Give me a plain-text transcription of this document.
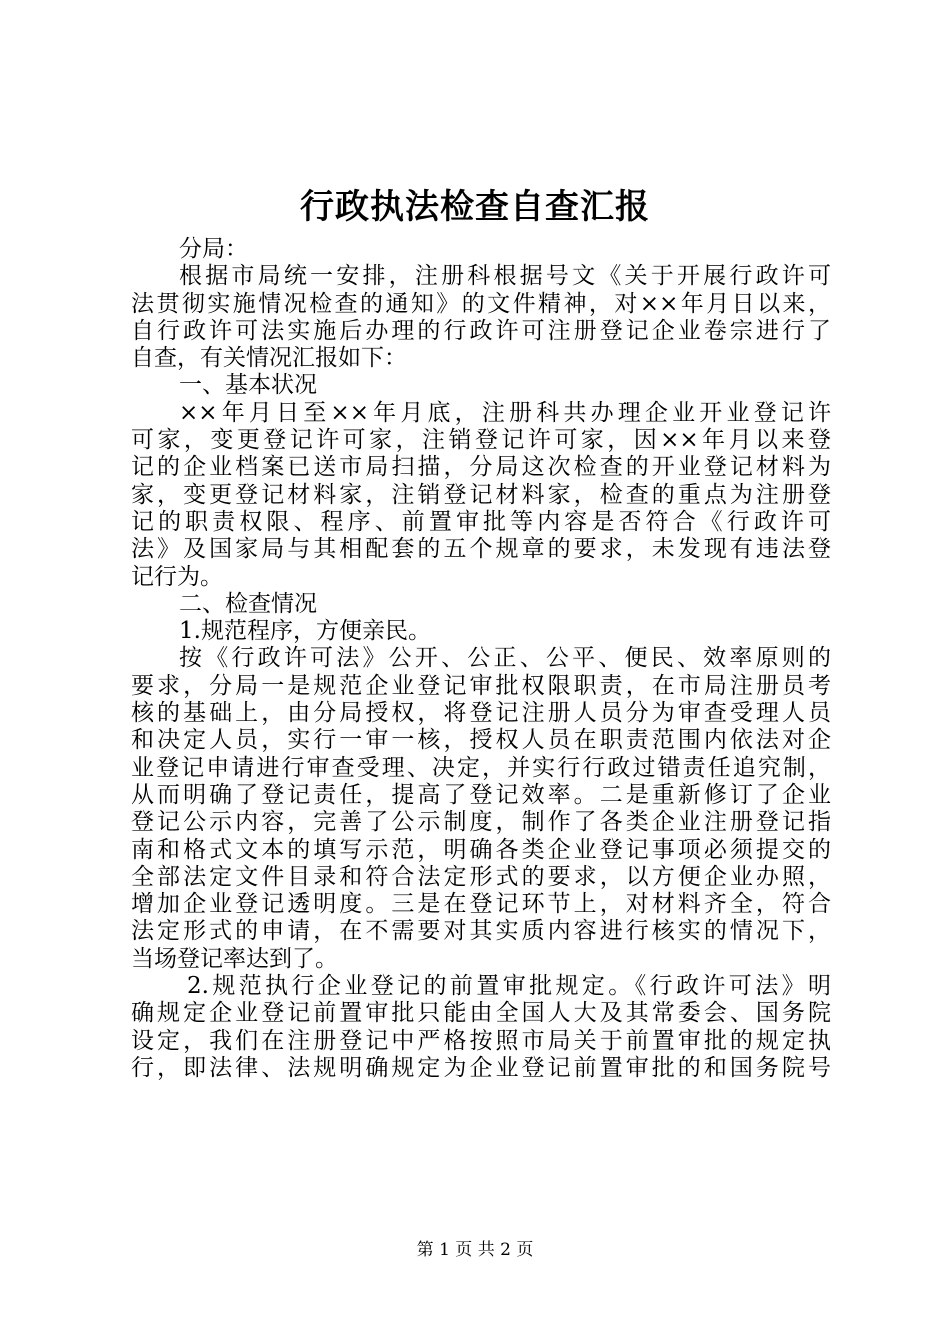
行政执法检查自查汇报
分局：
根据市局统一安排，注册科根据号文《关于开展行政许可
法贯彻实施情况检查的通知》的文件精神，对××年月日以来，
自行政许可法实施后办理的行政许可注册登记企业卷宗进行了
自查，有关情况汇报如下：
一、基本状况
××年月日至××年月底，注册科共办理企业开业登记许
可家，变更登记许可家，注销登记许可家，因××年月以来登
记的企业档案已送市局扫描，分局这次检查的开业登记材料为
家，变更登记材料家，注销登记材料家，检查的重点为注册登
记的职责权限、程序、前置审批等内容是否符合《行政许可
法》及国家局与其相配套的五个规章的要求，未发现有违法登
记行为。
二、检查情况
1.规范程序，方便亲民。
按《行政许可法》公开、公正、公平、便民、效率原则的
要求，分局一是规范企业登记审批权限职责，在市局注册员考
核的基础上，由分局授权，将登记注册人员分为审查受理人员
和决定人员，实行一审一核，授权人员在职责范围内依法对企
业登记申请进行审查受理、决定，并实行行政过错责任追究制，
从而明确了登记责任，提高了登记效率。二是重新修订了企业
登记公示内容，完善了公示制度，制作了各类企业注册登记指
南和格式文本的填写示范，明确各类企业登记事项必须提交的
全部法定文件目录和符合法定形式的要求，以方便企业办照，
增加企业登记透明度。三是在登记环节上，对材料齐全，符合
法定形式的申请，在不需要对其实质内容进行核实的情况下，
当场登记率达到了。
2.规范执行企业登记的前置审批规定。《行政许可法》明
确规定企业登记前置审批只能由全国人大及其常委会、国务院
设定，我们在注册登记中严格按照市局关于前置审批的规定执
行，即法律、法规明确规定为企业登记前置审批的和国务院号
第 1 页 共 2 页
